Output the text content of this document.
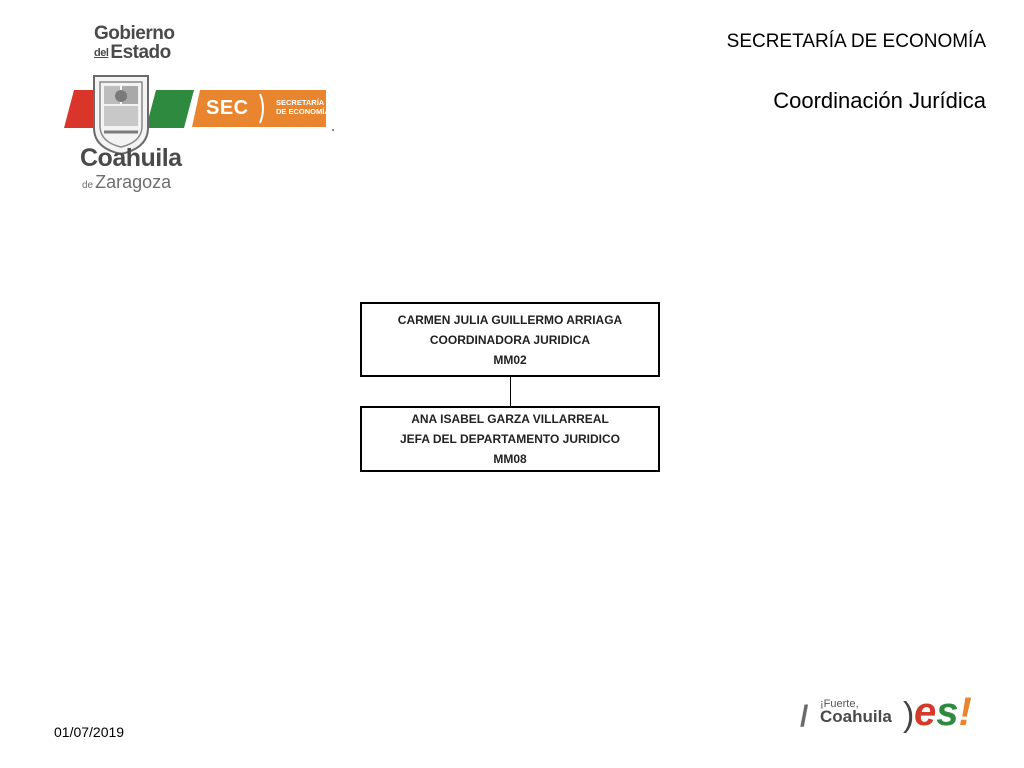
Gobierno
del Estado
SEC	SECRETARÍA
DE ECONOMÍA
Coahuila
de Zaragoza
SECRETARÍA DE ECONOMÍA
Coordinación Jurídica
CARMEN JULIA GUILLERMO ARRIAGA
COORDINADORA JURIDICA
MM02
ANA ISABEL GARZA VILLARREAL
JEFA DEL DEPARTAMENTO JURIDICO
MM08
01/07/2019	/ ¡Fuerte,
Coahuila ) es!
